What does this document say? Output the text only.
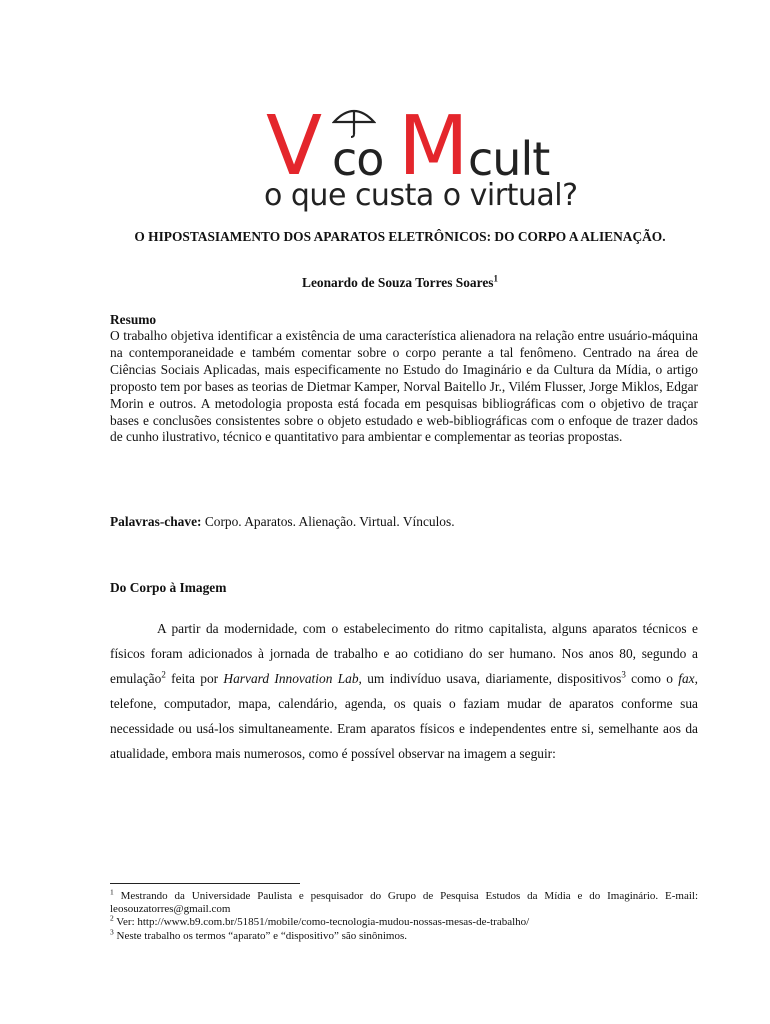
V co M cult
o que custa o virtual?
O HIPOSTASIAMENTO DOS APARATOS ELETRÔNICOS: DO CORPO A ALIENAÇÃO.
Leonardo de Souza Torres Soares$^1$
Resumo
O trabalho objetiva identificar a existência de uma característica alienadora na relação entre usuário-máquina na contemporaneidade e também comentar sobre o corpo perante a tal fenômeno. Centrado na área de Ciências Sociais Aplicadas, mais especificamente no Estudo do Imaginário e da Cultura da Mídia, o artigo proposto tem por bases as teorias de Dietmar Kamper, Norval Baitello Jr., Vilém Flusser, Jorge Miklos, Edgar Morin e outros. A metodologia proposta está focada em pesquisas bibliográficas com o objetivo de traçar bases e conclusões consistentes sobre o objeto estudado e web-bibliográficas com o enfoque de trazer dados de cunho ilustrativo, técnico e quantitativo para ambientar e complementar as teorias propostas.
Palavras-chave: Corpo. Aparatos. Alienação. Virtual. Vínculos.
Do Corpo à Imagem
A partir da modernidade, com o estabelecimento do ritmo capitalista, alguns aparatos técnicos e físicos foram adicionados à jornada de trabalho e ao cotidiano do ser humano. Nos anos 80, segundo a emulação$^2$ feita por Harvard Innovation Lab, um indivíduo usava, diariamente, dispositivos$^3$ como o fax, telefone, computador, mapa, calendário, agenda, os quais o faziam mudar de aparatos conforme sua necessidade ou usá-los simultaneamente. Eram aparatos físicos e independentes entre si, semelhante aos da atualidade, embora mais numerosos, como é possível observar na imagem a seguir:

$^1$ Mestrando da Universidade Paulista e pesquisador do Grupo de Pesquisa Estudos da Mídia e do Imaginário. E-mail: leosouzatorres@gmail.com

$^2$ Ver: http://www.b9.com.br/51851/mobile/como-tecnologia-mudou-nossas-mesas-de-trabalho/

$^3$ Neste trabalho os termos “aparato” e “dispositivo” são sinônimos.
